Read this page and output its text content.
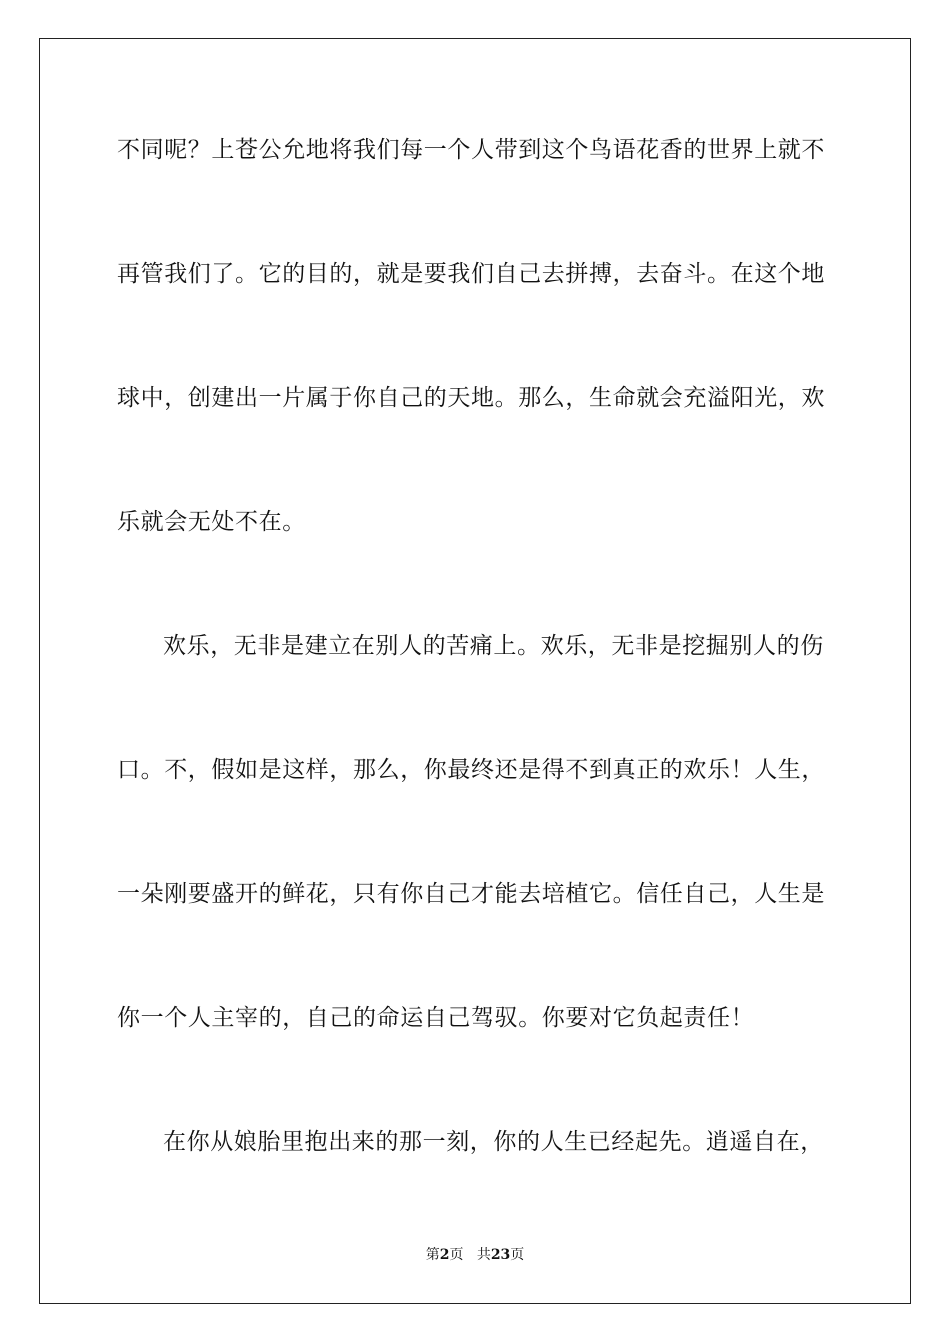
不同呢？上苍公允地将我们每一个人带到这个鸟语花香的世界上就不
再管我们了。它的目的，就是要我们自己去拼搏，去奋斗。在这个地
球中，创建出一片属于你自己的天地。那么，生命就会充溢阳光，欢
乐就会无处不在。
欢乐，无非是建立在别人的苦痛上。欢乐，无非是挖掘别人的伤
口。不，假如是这样，那么，你最终还是得不到真正的欢乐！人生，
一朵刚要盛开的鲜花，只有你自己才能去培植它。信任自己，人生是
你一个人主宰的，自己的命运自己驾驭。你要对它负起责任！
在你从娘胎里抱出来的那一刻，你的人生已经起先。逍遥自在，
第2页 共23页
